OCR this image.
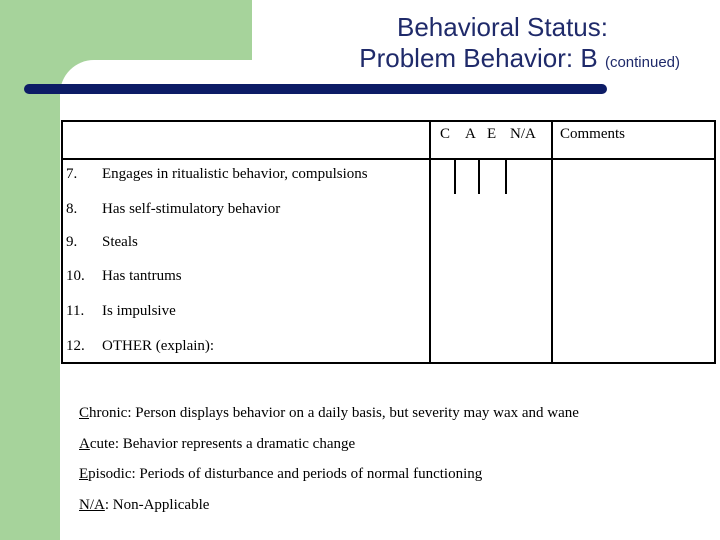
Behavioral Status:
Problem Behavior: B (continued)
C A E N/A Comments
7. Engages in ritualistic behavior, compulsions
8. Has self-stimulatory behavior
9. Steals
10. Has tantrums
11. Is impulsive
12. OTHER (explain):
Chronic: Person displays behavior on a daily basis, but severity may wax and wane
Acute: Behavior represents a dramatic change
Episodic: Periods of disturbance and periods of normal functioning
N/A: Non-Applicable
